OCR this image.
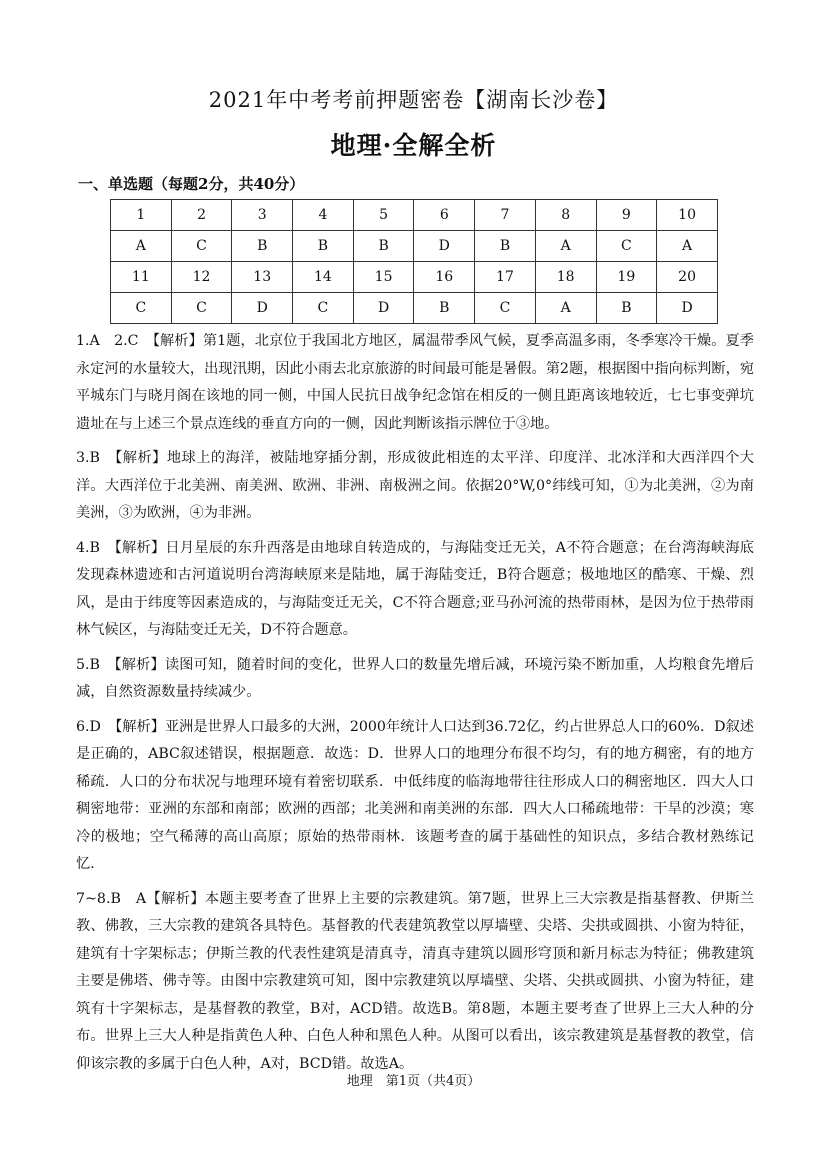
2021年中考考前押题密卷【湖南长沙卷】
地理·全解全析
一、单选题（每题2分，共40分）
1	2	3	4	5	6	7	8	9	10
A	C	B	B	B	D	B	A	C	A
11	12	13	14	15	16	17	18	19	20
C	C	D	C	D	B	C	A	B	D

1.A　2.C　【解析】第1题，北京位于我国北方地区，属温带季风气候，夏季高温多雨，冬季寒冷干燥。夏季永定河的水量较大，出现汛期，因此小雨去北京旅游的时间最可能是暑假。第2题，根据图中指向标判断，宛平城东门与晓月阁在该地的同一侧，中国人民抗日战争纪念馆在相反的一侧且距离该地较近，七七事变弹坑遗址在与上述三个景点连线的垂直方向的一侧，因此判断该指示牌位于③地。

3.B　【解析】地球上的海洋，被陆地穿插分割，形成彼此相连的太平洋、印度洋、北冰洋和大西洋四个大洋。大西洋位于北美洲、南美洲、欧洲、非洲、南极洲之间。依据20°W,0°纬线可知，①为北美洲，②为南美洲，③为欧洲，④为非洲。

4.B　【解析】日月星辰的东升西落是由地球自转造成的，与海陆变迁无关，A不符合题意；在台湾海峡海底发现森林遗迹和古河道说明台湾海峡原来是陆地，属于海陆变迁，B符合题意；极地地区的酷寒、干燥、烈风，是由于纬度等因素造成的，与海陆变迁无关，C不符合题意;亚马孙河流的热带雨林，是因为位于热带雨林气候区，与海陆变迁无关，D不符合题意。

5.B　【解析】读图可知，随着时间的变化，世界人口的数量先增后减，环境污染不断加重，人均粮食先增后减，自然资源数量持续减少。

6.D　【解析】亚洲是世界人口最多的大洲，2000年统计人口达到36.72亿，约占世界总人口的60%．D叙述是正确的，ABC叙述错误，根据题意．故选：D．世界人口的地理分布很不均匀，有的地方稠密，有的地方稀疏．人口的分布状况与地理环境有着密切联系．中低纬度的临海地带往往形成人口的稠密地区．四大人口稠密地带：亚洲的东部和南部；欧洲的西部；北美洲和南美洲的东部．四大人口稀疏地带：干旱的沙漠；寒冷的极地；空气稀薄的高山高原；原始的热带雨林．该题考查的属于基础性的知识点，多结合教材熟练记忆．

7~8.B　A【解析】本题主要考查了世界上主要的宗教建筑。第7题，世界上三大宗教是指基督教、伊斯兰教、佛教，三大宗教的建筑各具特色。基督教的代表建筑教堂以厚墙壁、尖塔、尖拱或圆拱、小窗为特征，建筑有十字架标志；伊斯兰教的代表性建筑是清真寺，清真寺建筑以圆形穹顶和新月标志为特征；佛教建筑主要是佛塔、佛寺等。由图中宗教建筑可知，图中宗教建筑以厚墙壁、尖塔、尖拱或圆拱、小窗为特征，建筑有十字架标志，是基督教的教堂，B对，ACD错。故选B。第8题，本题主要考查了世界上三大人种的分布。世界上三大人种是指黄色人种、白色人种和黑色人种。从图可以看出，该宗教建筑是基督教的教堂，信仰该宗教的多属于白色人种，A对，BCD错。故选A。

地理　第1页（共4页）
